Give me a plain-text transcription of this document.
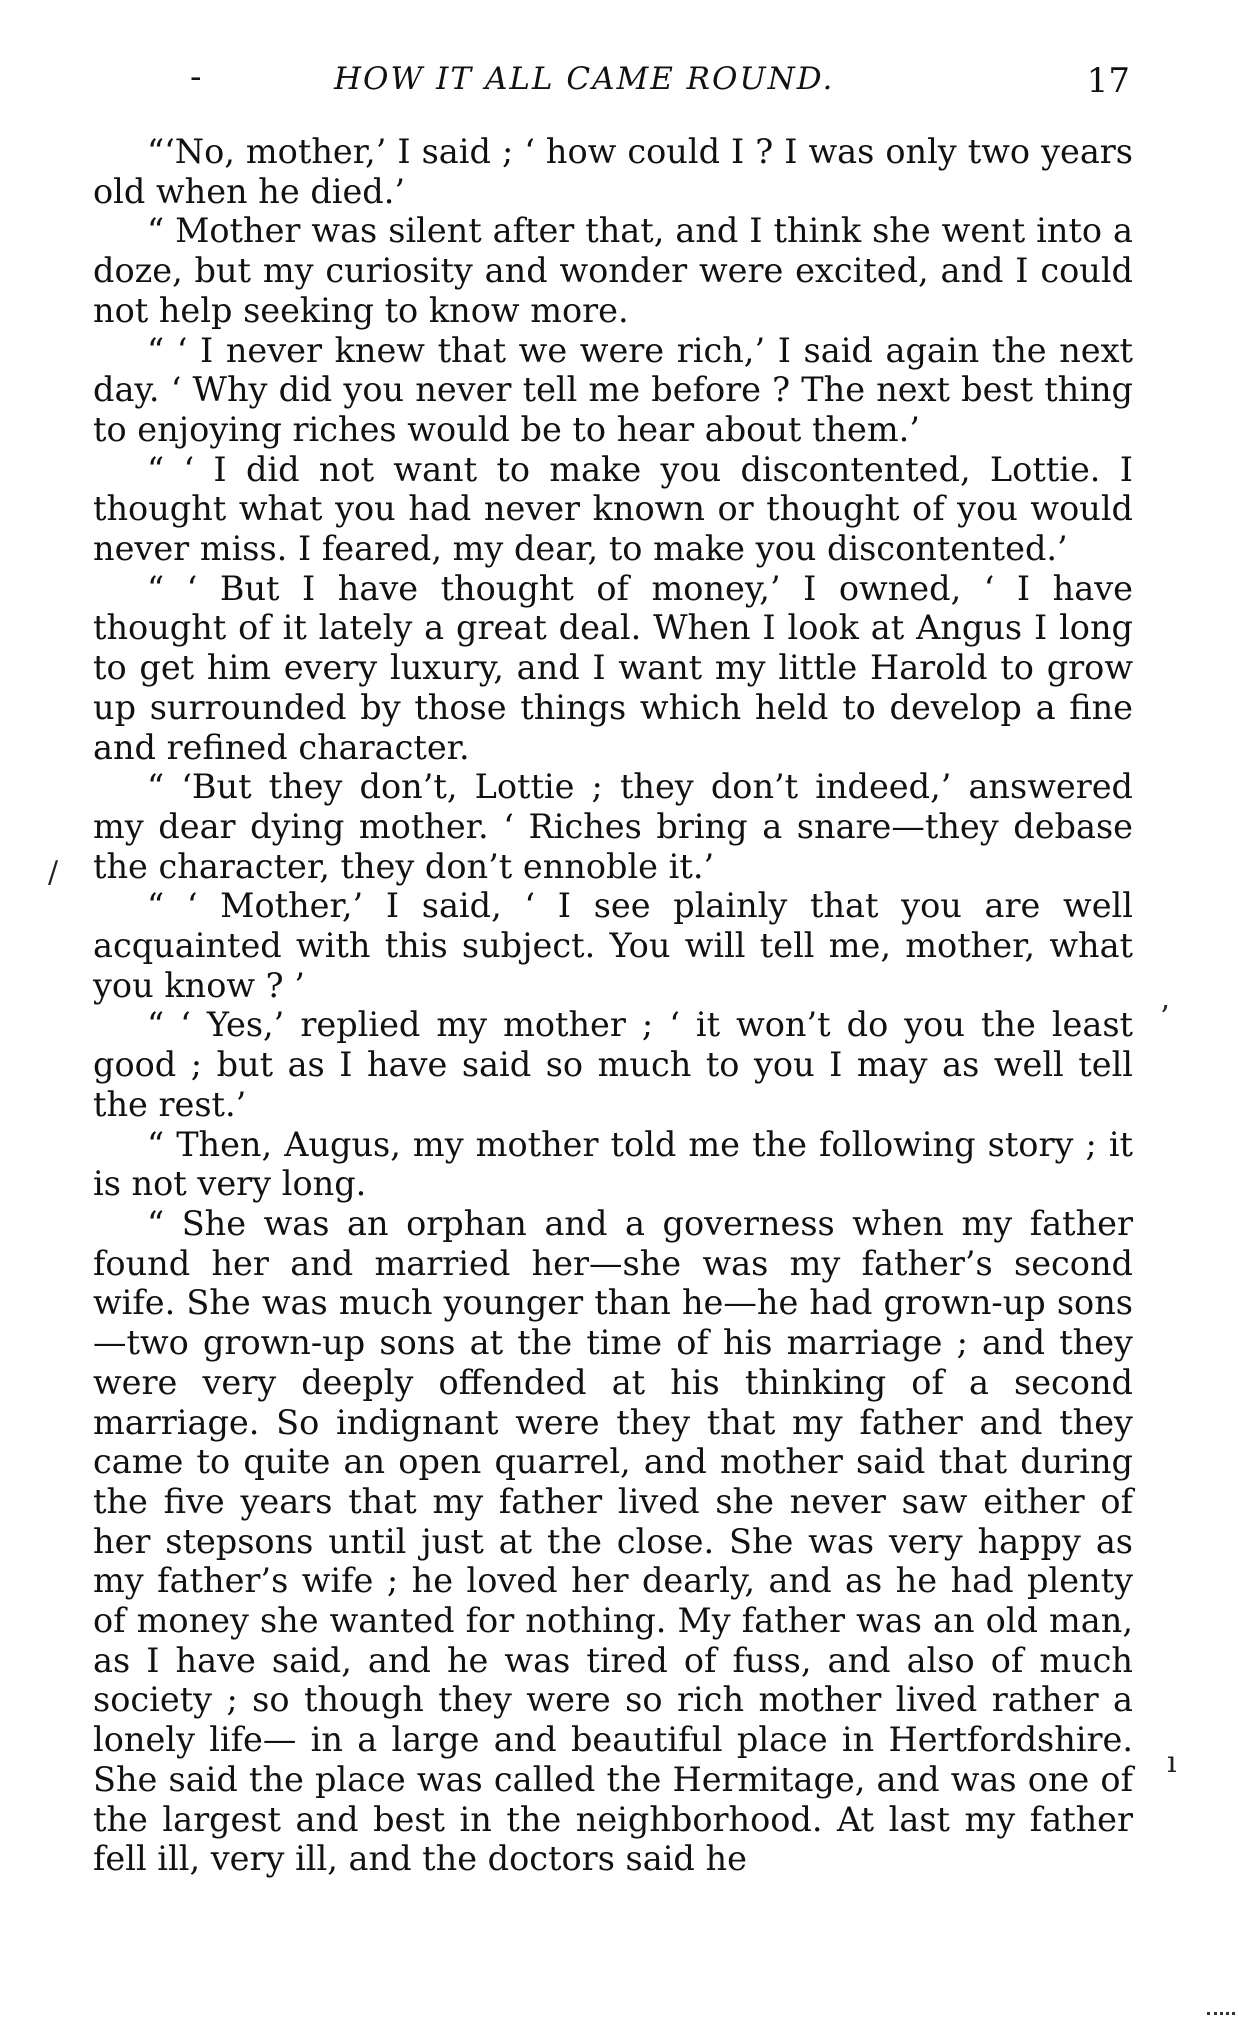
-	HOW IT ALL CAME ROUND.	17

“‘No, mother,’ I said ; ‘ how could I ? I was only two years old when he died.’

“ Mother was silent after that, and I think she went into a doze, but my curiosity and wonder were excited, and I could not help seeking to know more.

“ ‘ I never knew that we were rich,’ I said again the next day. ‘ Why did you never tell me before ? The next best thing to enjoying riches would be to hear about them.’

“ ‘ I did not want to make you discontented, Lottie. I thought what you had never known or thought of you would never miss. I feared, my dear, to make you discontented.’

“ ‘ But I have thought of money,’ I owned, ‘ I have thought of it lately a great deal. When I look at Angus I long to get him every luxury, and I want my little Harold to grow up surrounded by those things which held to develop a fine and refined character.

“ ‘But they don’t, Lottie ; they don’t indeed,’ answered my dear dying mother. ‘ Riches bring a snare—they debase the character, they don’t ennoble it.’

“ ‘ Mother,’ I said, ‘ I see plainly that you are well acquainted with this subject. You will tell me, mother, what you know ? ’

“ ‘ Yes,’ replied my mother ; ‘ it won’t do you the least good ; but as I have said so much to you I may as well tell the rest.’

“ Then, Augus, my mother told me the following story ; it is not very long.

“ She was an orphan and a governess when my father found her and married her—she was my father’s second wife. She was much younger than he—he had grown-up sons—two grown-up sons at the time of his marriage ; and they were very deeply offended at his thinking of a second marriage. So indignant were they that my father and they came to quite an open quarrel, and mother said that during the five years that my father lived she never saw either of her stepsons until just at the close. She was very happy as my father’s wife ; he loved her dearly, and as he had plenty of money she wanted for nothing. My father was an old man, as I have said, and he was tired of fuss, and also of much society ; so though they were so rich mother lived rather a lonely life— in a large and beautiful place in Hertfordshire. She said the place was called the Hermitage, and was one of the largest and best in the neighborhood. At last my father fell ill, very ill, and the doctors said he

/
’
ı
